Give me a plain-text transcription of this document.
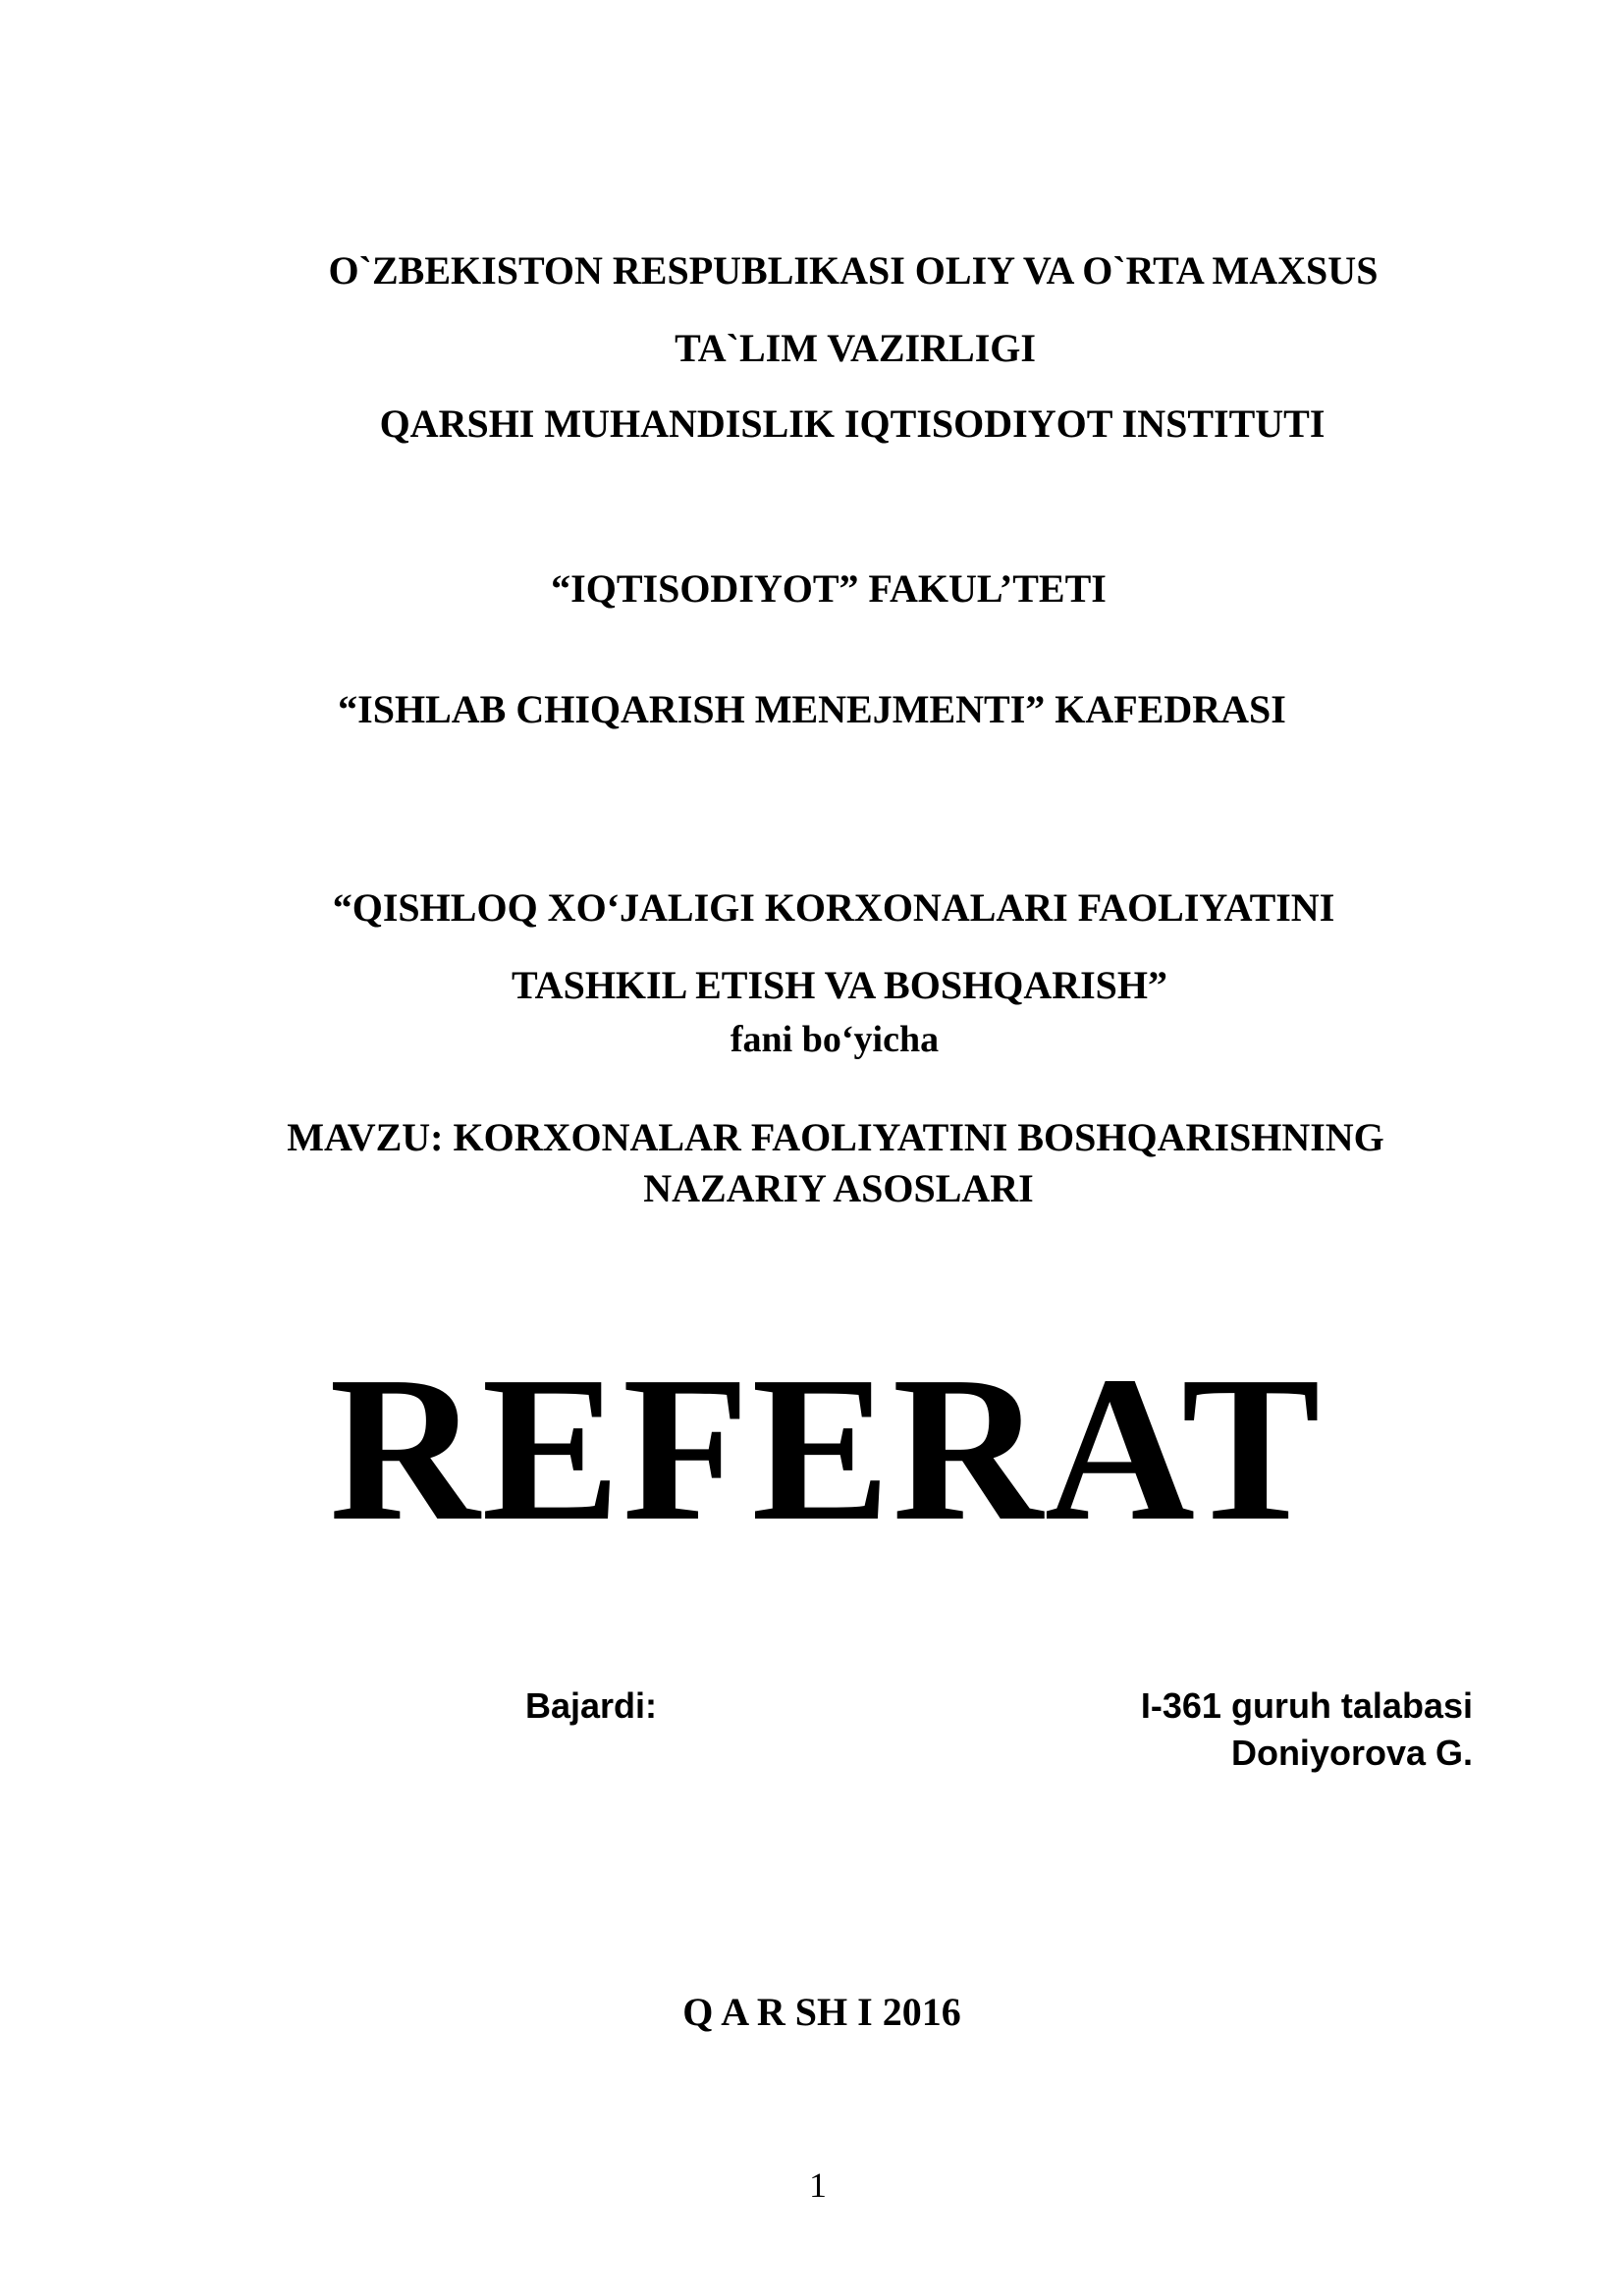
O`ZBEKISTON RESPUBLIKASI OLIY VA O`RTA MAXSUS
TA`LIM VAZIRLIGI
QARSHI MUHANDISLIK IQTISODIYOT INSTITUTI
“IQTISODIYOT” FAKUL’TETI
“ISHLAB CHIQARISH MENEJMENTI” KAFEDRASI
“QISHLOQ XO‘JALIGI KORXONALARI FAOLIYATINI
TASHKIL ETISH VA BOSHQARISH”
fani bo‘yicha
MAVZU: KORXONALAR FAOLIYATINI BOSHQARISHNING
NAZARIY ASOSLARI
REFERAT
Bajardi:	I-361 guruh talabasi
Doniyorova G.
Q A R SH I 2016
1
